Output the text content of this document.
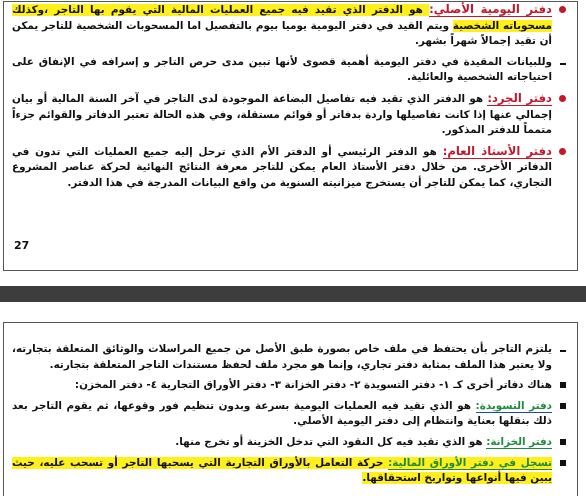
دفتر اليومية الأصلي: هو الدفتر الذي تقيد فيه جميع العمليات المالية التي يقوم بها التاجر ،وكذلك مسحوباته الشخصية ويتم القيد في دفتر اليومية يوميا بيوم بالتفصيل اما المسحوبات الشخصية للتاجر يمكن أن تقيد إجمالاً شهراً بشهر.
وللبيانات المقيدة في دفتر اليومية أهمية قصوى لأنها تبين مدى حرص التاجر و إسرافه في الإنفاق على احتياجاته الشخصية والعائلية.
دفتر الجرد: هو الدفتر الذي تقيد فيه تفاصيل البضاعة الموجودة لدى التاجر في آخر السنة المالية أو بيان إجمالي عنها إذا كانت تفاصيلها واردة بدفاتر أو قوائم مستقلة، وفي هذه الحالة تعتبر الدفاتر والقوائم جزءاً متمماً للدفتر المذكور.
دفتر الأستاذ العام: هو الدفتر الرئيسي أو الدفتر الأم الذي ترحل إليه جميع العمليات التي تدون في الدفاتر الأخرى. من خلال دفتر الأستاذ العام يمكن للتاجر معرفة النتائج النهائية لحركة عناصر المشروع التجاري، كما يمكن للتاجر أن يستخرج ميزانيته السنوية من واقع البيانات المدرجة في هذا الدفتر.
27
يلتزم التاجر بأن يحتفظ في ملف خاص بصورة طبق الأصل من جميع المراسلات والوثائق المتعلقة بتجارته، ولا يعتبر هذا الملف بمثابة دفتر تجاري، وإنما هو مجرد ملف لحفظ مستندات التاجر المتعلقة بتجارته.
هناك دفاتر أخرى كـ ١- دفتر التسويدة ٢- دفتر الخزانة ٣- دفتر الأوراق التجارية ٤- دفتر المخزن:
دفتر التسويدة: هو الذي تقيد فيه العمليات اليومية بسرعة وبدون تنظيم فور وقوعها، ثم يقوم التاجر بعد ذلك بنقلها بعناية وانتظام إلى دفتر اليومية الأصلي.
دفتر الخزانة: هو الذي تقيد فيه كل النقود التي تدخل الخزينة أو تخرج منها.
تسجل في دفتر الأوراق المالية: حركة التعامل بالأوراق التجارية التي يسحبها التاجر أو تسحب عليه، حيث يبين فيها أنواعها وتواريخ استحقاقها.
